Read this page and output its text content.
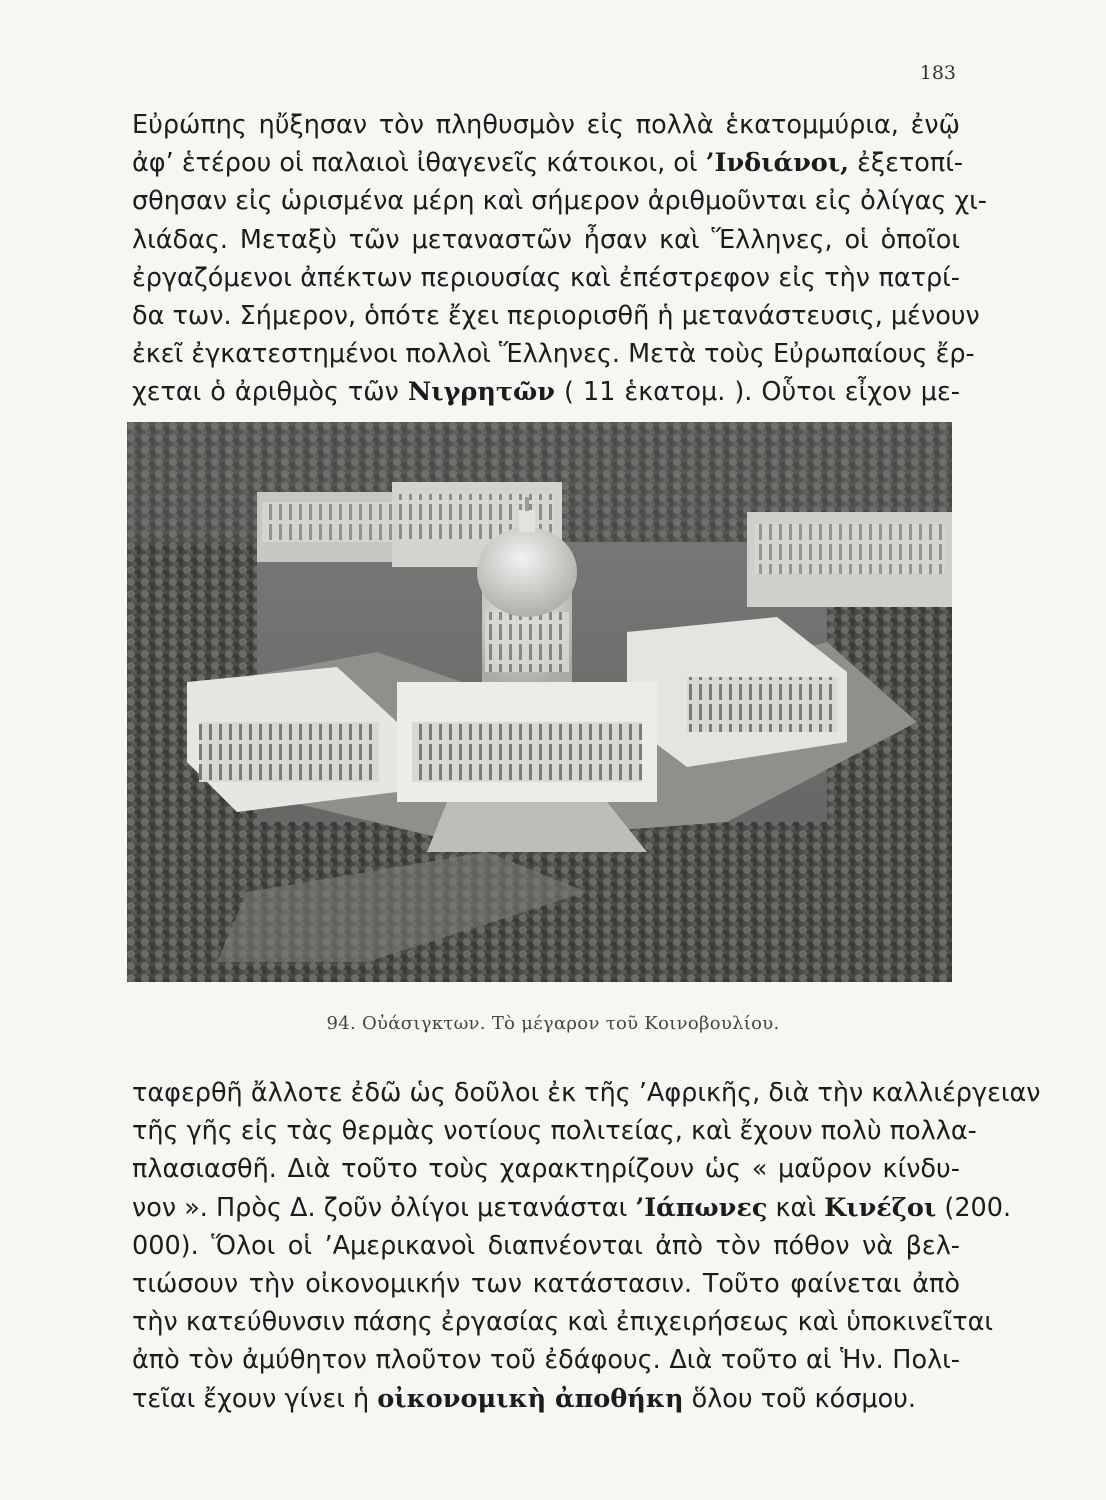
183
Εὐρώπης ηὔξησαν τὸν πληθυσμὸν εἰς πολλὰ ἑκατομμύρια, ἐνῷ
ἀφ’ ἑτέρου οἱ παλαιοὶ ἰθαγενεῖς κάτοικοι, οἱ ’Ινδιάνοι, ἐξετοπί-
σθησαν εἰς ὡρισμένα μέρη καὶ σήμερον ἀριθμοῦνται εἰς ὀλίγας χι-
λιάδας. Μεταξὺ τῶν μεταναστῶν ἦσαν καὶ Ἕλληνες, οἱ ὁποῖοι
ἐργαζόμενοι ἀπέκτων περιουσίας καὶ ἐπέστρεφον εἰς τὴν πατρί-
δα των. Σήμερον, ὁπότε ἔχει περιορισθῆ ἡ μετανάστευσις, μένουν
ἐκεῖ ἐγκατεστημένοι πολλοὶ Ἕλληνες. Μετὰ τοὺς Εὐρωπαίους ἔρ-
χεται ὁ ἀριθμὸς τῶν Νιγρητῶν ( 11 ἑκατομ. ). Οὗτοι εἶχον με-
94. Οὐάσιγκτων. Τὸ μέγαρον τοῦ Κοινοβουλίου.
ταφερθῆ ἄλλοτε ἐδῶ ὡς δοῦλοι ἐκ τῆς ’Αφρικῆς, διὰ τὴν καλλιέργειαν
τῆς γῆς εἰς τὰς θερμὰς νοτίους πολιτείας, καὶ ἔχουν πολὺ πολλα-
πλασιασθῆ. Διὰ τοῦτο τοὺς χαρακτηρίζουν ὡς « μαῦρον κίνδυ-
νον ». Πρὸς Δ. ζοῦν ὀλίγοι μετανάσται ’Ιάπωνες καὶ Κινέζοι (200.
000). Ὅλοι οἱ ’Αμερικανοὶ διαπνέονται ἀπὸ τὸν πόθον νὰ βελ-
τιώσουν τὴν οἰκονομικήν των κατάστασιν. Τοῦτο φαίνεται ἀπὸ
τὴν κατεύθυνσιν πάσης ἐργασίας καὶ ἐπιχειρήσεως καὶ ὑποκινεῖται
ἀπὸ τὸν ἀμύθητον πλοῦτον τοῦ ἐδάφους. Διὰ τοῦτο αἱ Ἡν. Πολι-
τεῖαι ἔχουν γίνει ἡ οἰκονομικὴ ἀποθήκη ὅλου τοῦ κόσμου.
